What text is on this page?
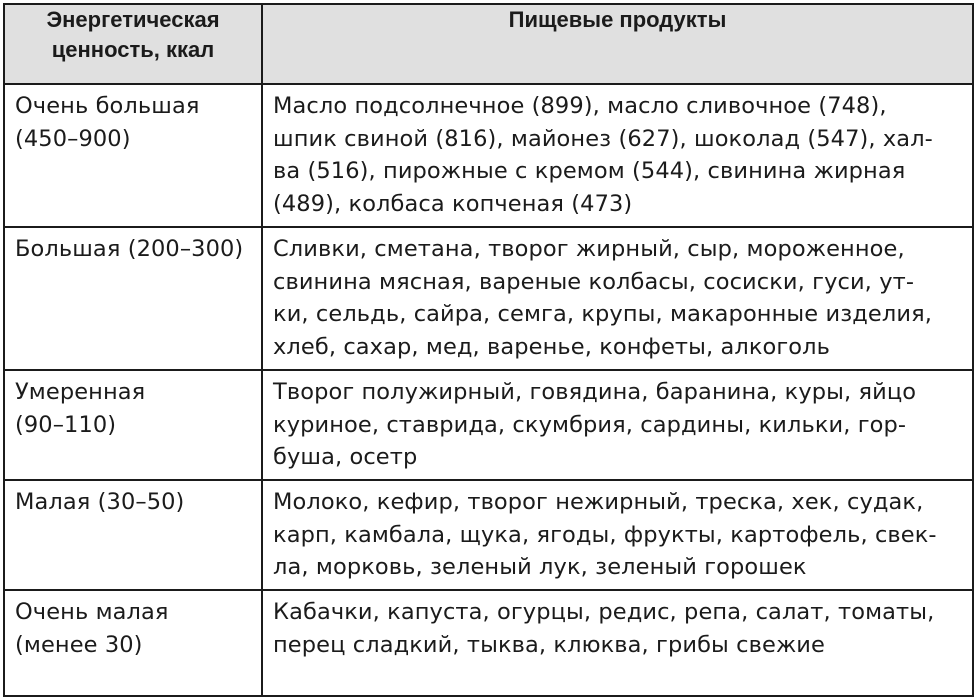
Энергетическая
ценность, ккал	Пищевые продукты

Очень большая
(450–900)	Масло подсолнечное (899), масло сливочное (748),
шпик свиной (816), майонез (627), шоколад (547), хал-
ва (516), пирожные с кремом (544), свинина жирная
(489), колбаса копченая (473)

Большая (200–300)	Сливки, сметана, творог жирный, сыр, мороженное,
свинина мясная, вареные колбасы, сосиски, гуси, ут-
ки, сельдь, сайра, семга, крупы, макаронные изделия,
хлеб, сахар, мед, варенье, конфеты, алкоголь

Умеренная
(90–110)	Творог полужирный, говядина, баранина, куры, яйцо
куриное, ставрида, скумбрия, сардины, кильки, гор-
буша, осетр

Малая (30–50)	Молоко, кефир, творог нежирный, треска, хек, судак,
карп, камбала, щука, ягоды, фрукты, картофель, свек-
ла, морковь, зеленый лук, зеленый горошек

Очень малая
(менее 30)	Кабачки, капуста, огурцы, редис, репа, салат, томаты,
перец сладкий, тыква, клюква, грибы свежие
